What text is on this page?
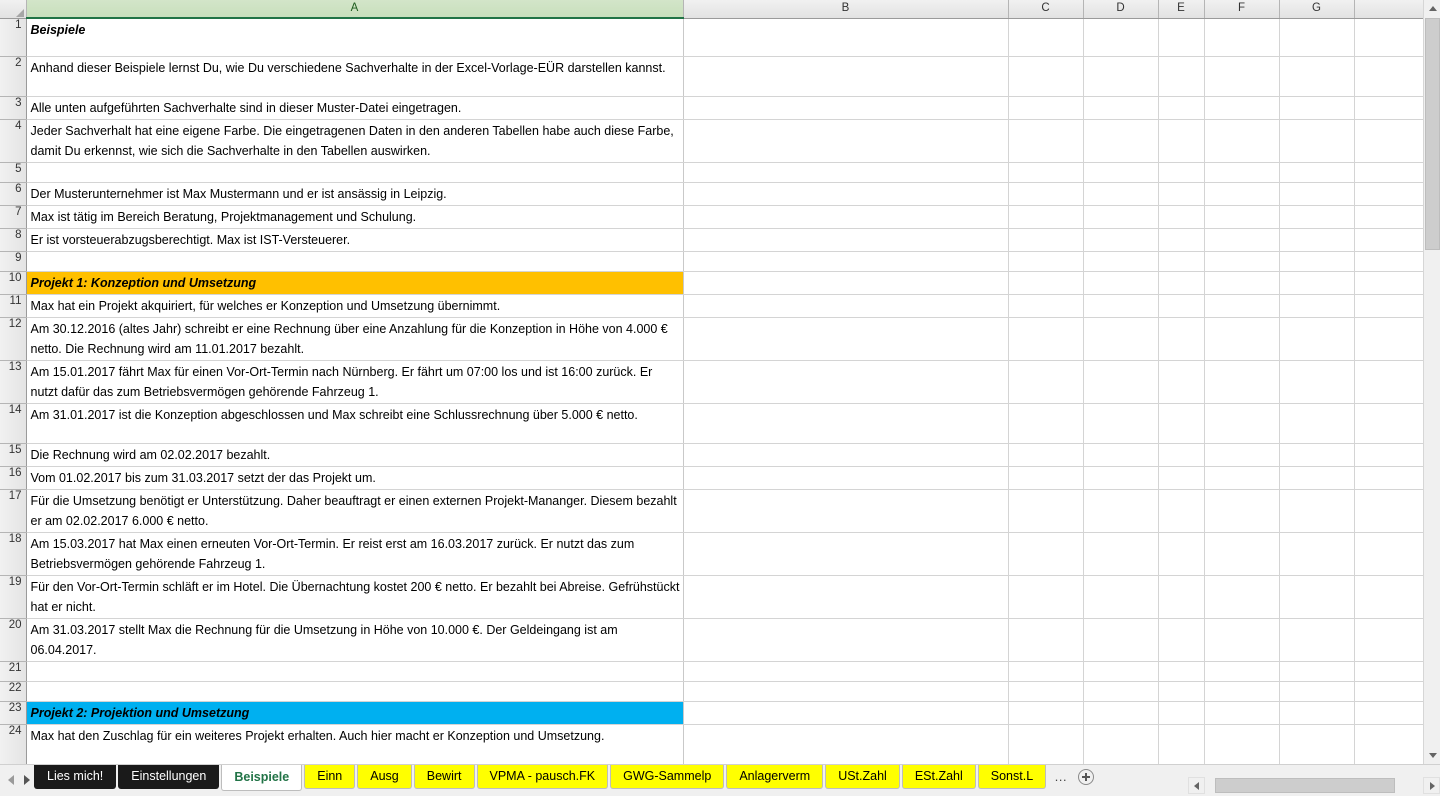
	A	B	C	D	E	F	G	
1	Beispiele							
2	Anhand dieser Beispiele lernst Du, wie Du verschiedene Sachverhalte in der Excel-Vorlage-EÜR darstellen kannst.							
3	Alle unten aufgeführten Sachverhalte sind in dieser Muster-Datei eingetragen.							
4	Jeder Sachverhalt hat eine eigene Farbe. Die eingetragenen Daten in den anderen Tabellen habe auch diese Farbe, damit Du erkennst, wie sich die Sachverhalte in den Tabellen auswirken.							
5								
6	Der Musterunternehmer ist Max Mustermann und er ist ansässig in Leipzig.							
7	Max ist tätig im Bereich Beratung, Projektmanagement und Schulung.							
8	Er ist vorsteuerabzugsberechtigt. Max ist IST-Versteuerer.							
9								
10	Projekt 1: Konzeption und Umsetzung							
11	Max hat ein Projekt akquiriert, für welches er Konzeption und Umsetzung übernimmt.							
12	Am 30.12.2016 (altes Jahr) schreibt er eine Rechnung über eine Anzahlung für die Konzeption in Höhe von 4.000 € netto. Die Rechnung wird am 11.01.2017 bezahlt.							
13	Am 15.01.2017 fährt Max für einen Vor-Ort-Termin nach Nürnberg. Er fährt um 07:00 los und ist 16:00 zurück. Er nutzt dafür das zum Betriebsvermögen gehörende Fahrzeug 1.							
14	Am 31.01.2017 ist die Konzeption abgeschlossen und Max schreibt eine Schlussrechnung über 5.000 € netto.							
15	Die Rechnung wird am 02.02.2017 bezahlt.							
16	Vom 01.02.2017 bis zum 31.03.2017 setzt der das Projekt um.							
17	Für die Umsetzung benötigt er Unterstützung. Daher beauftragt er einen externen Projekt-Mananger. Diesem bezahlt er am 02.02.2017 6.000 € netto.							
18	Am 15.03.2017 hat Max einen erneuten Vor-Ort-Termin. Er reist erst am 16.03.2017 zurück. Er nutzt das zum Betriebsvermögen gehörende Fahrzeug 1.							
19	Für den Vor-Ort-Termin schläft er im Hotel. Die Übernachtung kostet 200 € netto. Er bezahlt bei Abreise. Gefrühstückt hat er nicht.							
20	Am 31.03.2017 stellt Max die Rechnung für die Umsetzung in Höhe von 10.000 €. Der Geldeingang ist am 06.04.2017.							
21								
22								
23	Projekt 2: Projektion und Umsetzung							
24	Max hat den Zuschlag für ein weiteres Projekt erhalten. Auch hier macht er Konzeption und Umsetzung.							

Lies mich!	Einstellungen	Beispiele	Einn	Ausg	Bewirt	VPMA - pausch.FK	GWG-Sammelp	Anlagerverm	USt.Zahl	ESt.Zahl	Sonst.L	…
